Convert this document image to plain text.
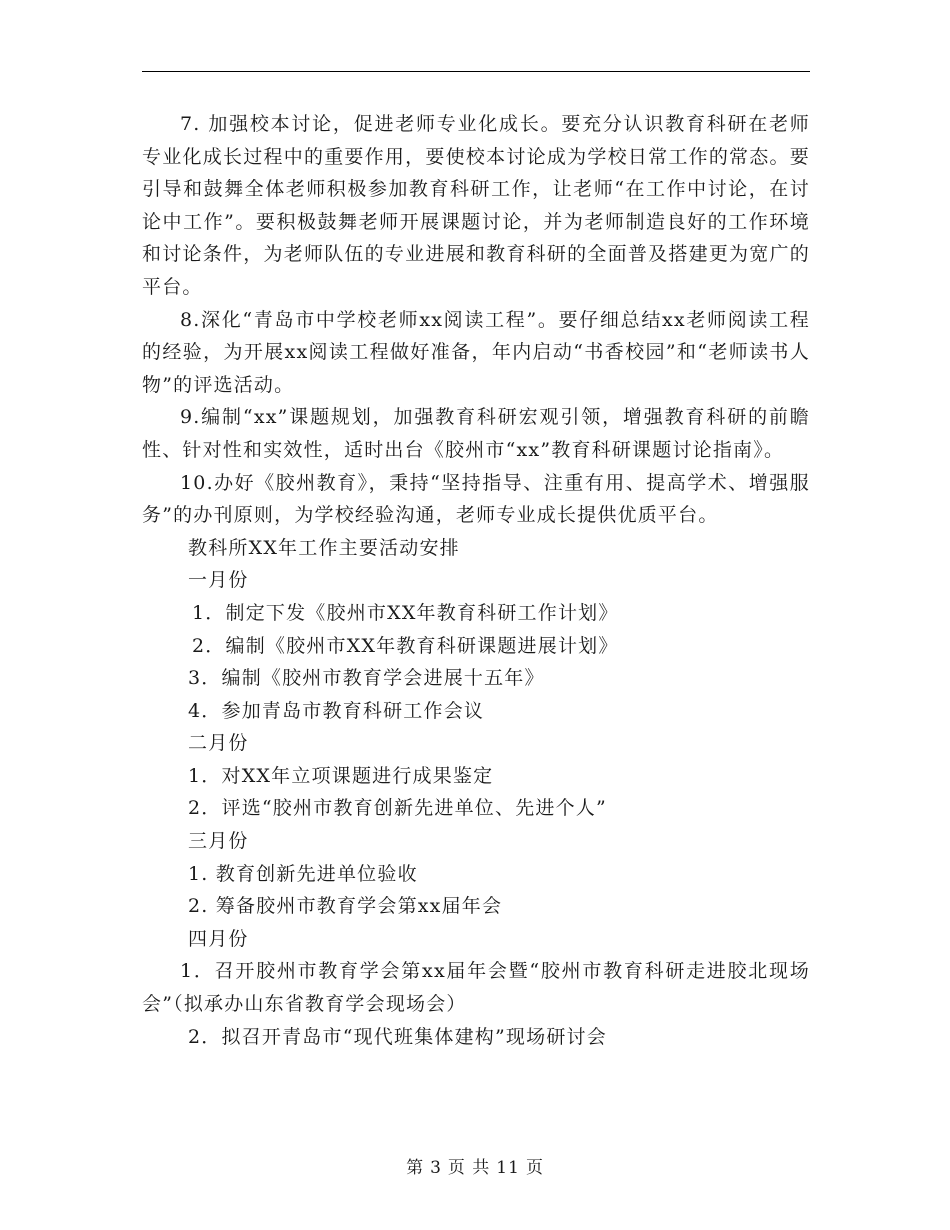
7. 加强校本讨论，促进老师专业化成长。要充分认识教育科研在老师专业化成长过程中的重要作用，要使校本讨论成为学校日常工作的常态。要引导和鼓舞全体老师积极参加教育科研工作，让老师“在工作中讨论，在讨论中工作”。要积极鼓舞老师开展课题讨论，并为老师制造良好的工作环境和讨论条件，为老师队伍的专业进展和教育科研的全面普及搭建更为宽广的平台。

8.深化“青岛市中学校老师xx阅读工程”。要仔细总结xx老师阅读工程的经验，为开展xx阅读工程做好准备，年内启动“书香校园”和“老师读书人物”的评选活动。

9.编制“xx”课题规划，加强教育科研宏观引领，增强教育科研的前瞻性、针对性和实效性，适时出台《胶州市“xx”教育科研课题讨论指南》。

10.办好《胶州教育》，秉持“坚持指导、注重有用、提高学术、增强服务”的办刊原则，为学校经验沟通，老师专业成长提供优质平台。

教科所XX年工作主要活动安排

一月份

1．制定下发《胶州市XX年教育科研工作计划》

2．编制《胶州市XX年教育科研课题进展计划》

3．编制《胶州市教育学会进展十五年》

4．参加青岛市教育科研工作会议

二月份

1．对XX年立项课题进行成果鉴定

2．评选“胶州市教育创新先进单位、先进个人”

三月份

1. 教育创新先进单位验收

2. 筹备胶州市教育学会第xx届年会

四月份

1．召开胶州市教育学会第xx届年会暨“胶州市教育科研走进胶北现场会”（拟承办山东省教育学会现场会）

2．拟召开青岛市“现代班集体建构”现场研讨会

第 3 页 共 11 页
